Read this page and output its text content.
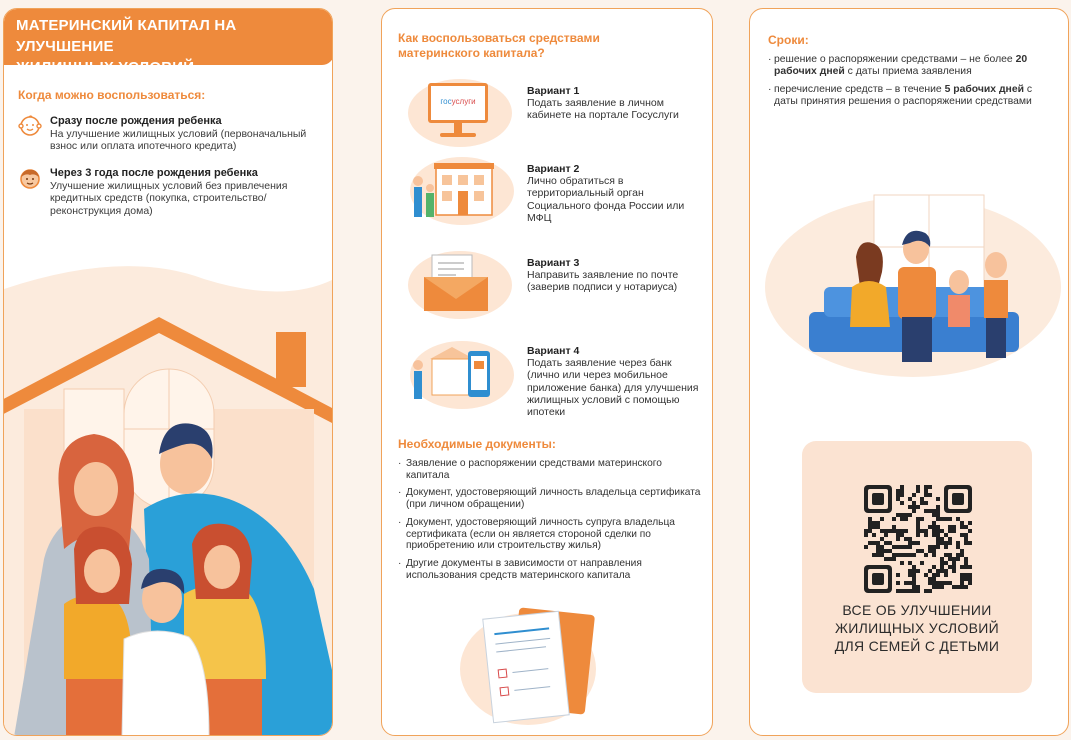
МАТЕРИНСКИЙ КАПИТАЛ НА УЛУЧШЕНИЕ
ЖИЛИЩНЫХ УСЛОВИЙ
Когда можно воспользоваться:
Сразу после рождения ребенка
На улучшение жилищных условий (первоначальный взнос или оплата ипотечного кредита)
Через 3 года после рождения ребенка
Улучшение жилищных условий без привлечения кредитных средств (покупка, строительство/реконструкция дома)
Как воспользоваться средствами материнского капитала?
госуслуги
Вариант 1
Подать заявление в личном кабинете на портале Госуслуги
Вариант 2
Лично обратиться в территориальный орган Социального фонда России или МФЦ
Вариант 3
Направить заявление по почте (заверив подписи у нотариуса)
Вариант 4
Подать заявление через банк (лично или через мобильное приложение банка) для улучшения жилищных условий с помощью ипотеки
Необходимые документы:
· Заявление о распоряжении средствами материнского капитала
· Документ, удостоверяющий личность владельца сертификата (при личном обращении)
· Документ, удостоверяющий личность супруга владельца сертификата (если он является стороной сделки по приобретению или строительству жилья)
· Другие документы в зависимости от направления использования средств материнского капитала
Сроки:
· решение о распоряжении средствами – не более 20 рабочих дней с даты приема заявления
· перечисление средств – в течение 5 рабочих дней с даты принятия решения о распоряжении средствами
ВСЕ ОБ УЛУЧШЕНИИ
ЖИЛИЩНЫХ УСЛОВИЙ
ДЛЯ СЕМЕЙ С ДЕТЬМИ
